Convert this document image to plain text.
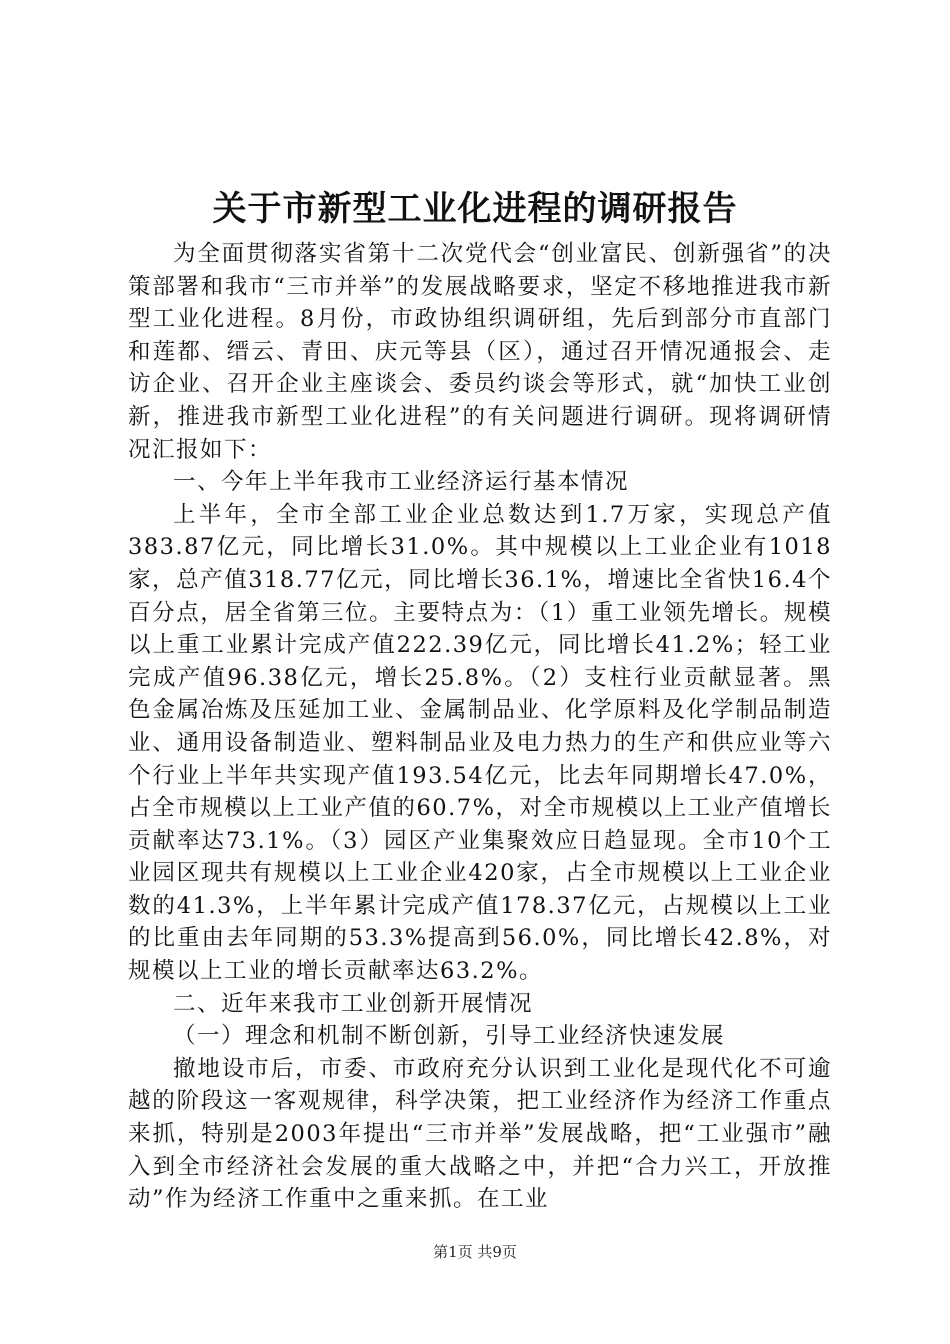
关于市新型工业化进程的调研报告

为全面贯彻落实省第十二次党代会“创业富民、创新强省”的决策部署和我市“三市并举”的发展战略要求，坚定不移地推进我市新型工业化进程。8月份，市政协组织调研组，先后到部分市直部门和莲都、缙云、青田、庆元等县（区），通过召开情况通报会、走访企业、召开企业主座谈会、委员约谈会等形式，就“加快工业创新，推进我市新型工业化进程”的有关问题进行调研。现将调研情况汇报如下：

一、今年上半年我市工业经济运行基本情况

上半年，全市全部工业企业总数达到1.7万家，实现总产值383.87亿元，同比增长31.0%。其中规模以上工业企业有1018家，总产值318.77亿元，同比增长36.1%，增速比全省快16.4个百分点，居全省第三位。主要特点为：（1）重工业领先增长。规模以上重工业累计完成产值222.39亿元，同比增长41.2%；轻工业完成产值96.38亿元，增长25.8%。（2）支柱行业贡献显著。黑色金属冶炼及压延加工业、金属制品业、化学原料及化学制品制造业、通用设备制造业、塑料制品业及电力热力的生产和供应业等六个行业上半年共实现产值193.54亿元，比去年同期增长47.0%，占全市规模以上工业产值的60.7%，对全市规模以上工业产值增长贡献率达73.1%。（3）园区产业集聚效应日趋显现。全市10个工业园区现共有规模以上工业企业420家，占全市规模以上工业企业数的41.3%，上半年累计完成产值178.37亿元，占规模以上工业的比重由去年同期的53.3%提高到56.0%，同比增长42.8%，对规模以上工业的增长贡献率达63.2%。

二、近年来我市工业创新开展情况

（一）理念和机制不断创新，引导工业经济快速发展

撤地设市后，市委、市政府充分认识到工业化是现代化不可逾越的阶段这一客观规律，科学决策，把工业经济作为经济工作重点来抓，特别是2003年提出“三市并举”发展战略，把“工业强市”融入到全市经济社会发展的重大战略之中，并把“合力兴工，开放推动”作为经济工作重中之重来抓。在工业

第1页 共9页
